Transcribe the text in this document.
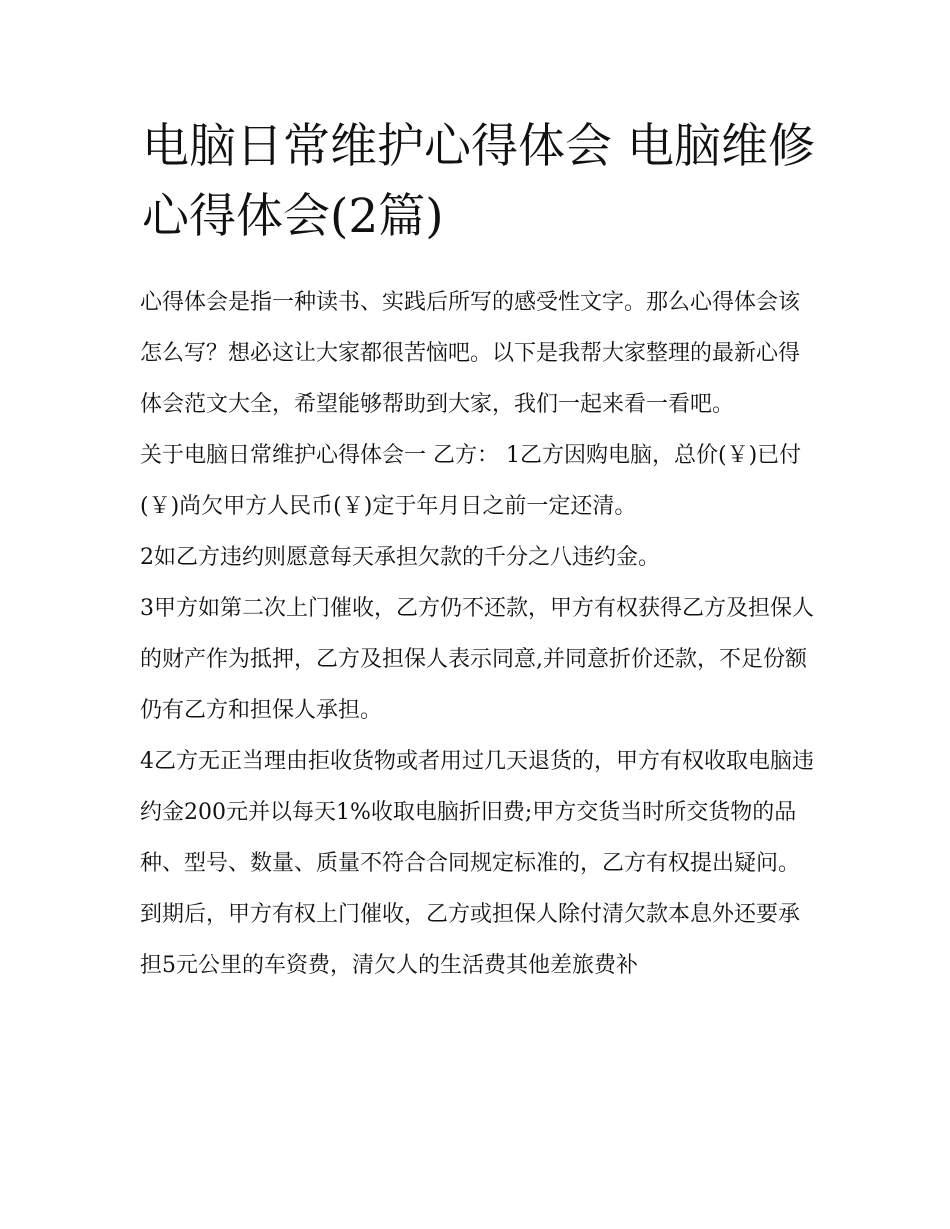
电脑日常维护心得体会 电脑维修心得体会(2篇)

心得体会是指一种读书、实践后所写的感受性文字。那么心得体会该怎么写？想必这让大家都很苦恼吧。以下是我帮大家整理的最新心得体会范文大全，希望能够帮助到大家，我们一起来看一看吧。

关于电脑日常维护心得体会一 乙方： 1乙方因购电脑，总价(￥)已付(￥)尚欠甲方人民币(￥)定于年月日之前一定还清。

2如乙方违约则愿意每天承担欠款的千分之八违约金。

3甲方如第二次上门催收，乙方仍不还款，甲方有权获得乙方及担保人的财产作为抵押，乙方及担保人表示同意,并同意折价还款，不足份额仍有乙方和担保人承担。

4乙方无正当理由拒收货物或者用过几天退货的，甲方有权收取电脑违约金200元并以每天1%收取电脑折旧费;甲方交货当时所交货物的品种、型号、数量、质量不符合合同规定标准的，乙方有权提出疑问。

到期后，甲方有权上门催收，乙方或担保人除付清欠款本息外还要承担5元公里的车资费，清欠人的生活费其他差旅费补
